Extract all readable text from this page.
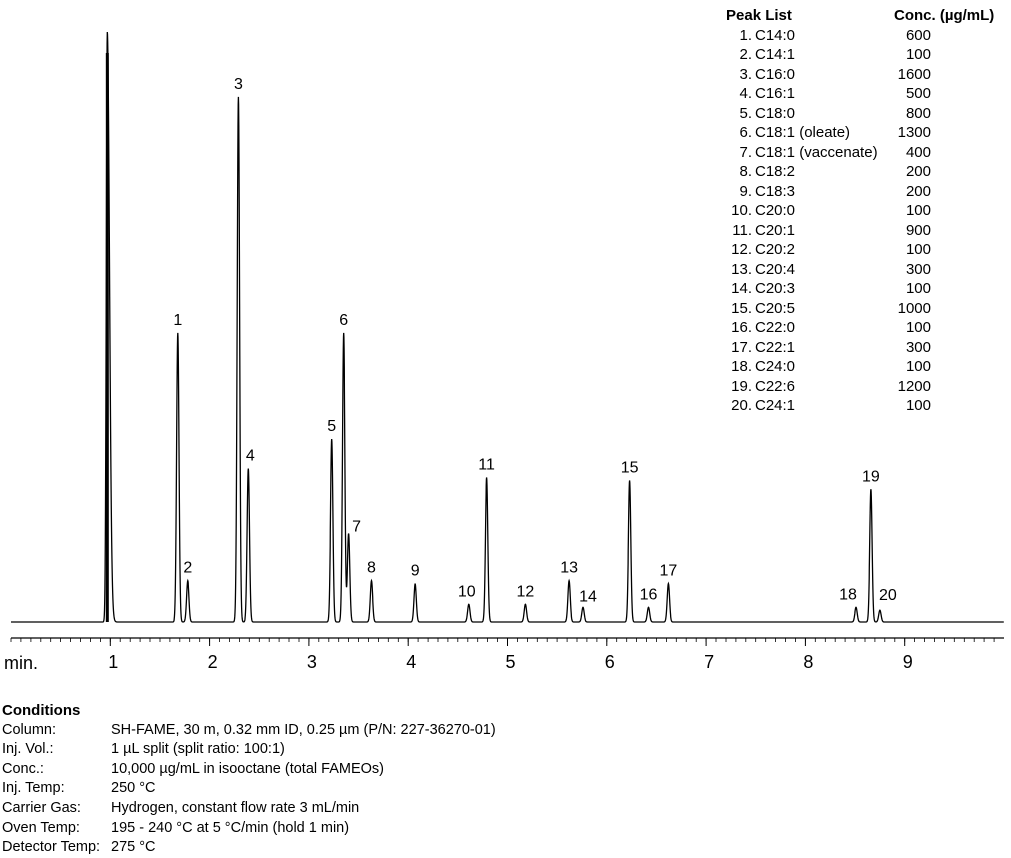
1	2	3	4	5	6	7	8	9
1
2
3
4
5
6
7
8 9
10
11
12
13
14
15
16
17
18
19
20
min.
Peak List	Conc. (µg/mL)
1. C14:0	600
2. C14:1	100
3. C16:0	1600
4. C16:1	500
5. C18:0	800
6. C18:1 (oleate)	1300
7. C18:1 (vaccenate)	400
8. C18:2	200
9. C18:3	200
10. C20:0	100
11. C20:1	900
12. C20:2	100
13. C20:4	300
14. C20:3	100
15. C20:5	1000
16. C22:0	100
17. C22:1	300
18. C24:0	100
19. C22:6	1200
20. C24:1	100
Conditions
Column:	SH-FAME, 30 m, 0.32 mm ID, 0.25 µm (P/N: 227-36270-01)
Inj. Vol.:	1 µL split (split ratio: 100:1)
Conc.:	10,000 µg/mL in isooctane (total FAMEOs)
Inj. Temp:	250 °C
Carrier Gas: Hydrogen, constant flow rate 3 mL/min
Oven Temp: 195 - 240 °C at 5 °C/min (hold 1 min)
Detector Temp: 275 °C
